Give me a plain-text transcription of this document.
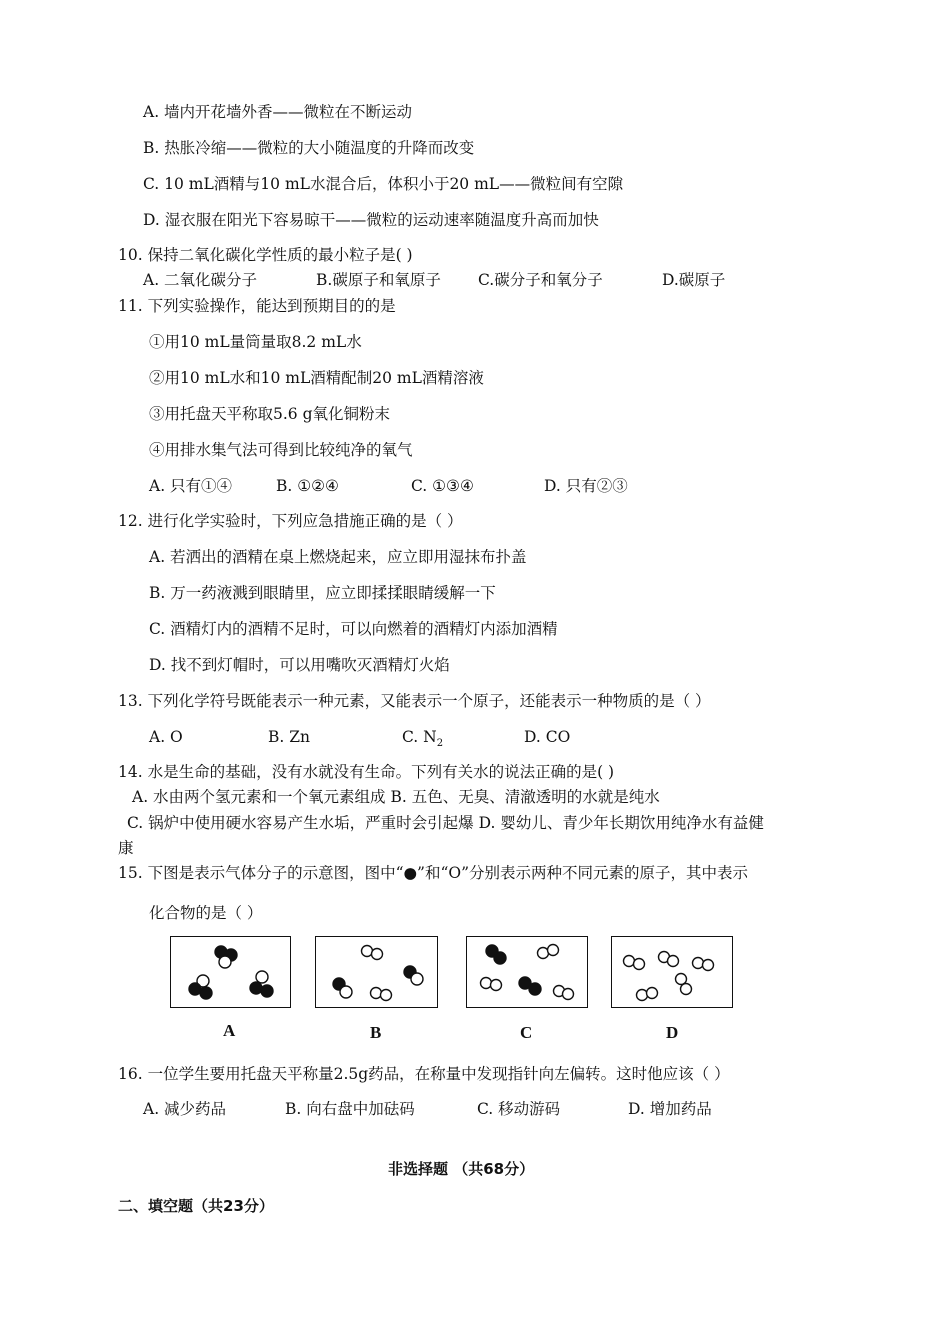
A. 墙内开花墙外香——微粒在不断运动
B. 热胀冷缩——微粒的大小随温度的升降而改变
C. 10 mL酒精与10 mL水混合后，体积小于20 mL——微粒间有空隙
D. 湿衣服在阳光下容易晾干——微粒的运动速率随温度升高而加快
10. 保持二氧化碳化学性质的最小粒子是( )
A. 二氧化碳分子	B.碳原子和氧原子 C.碳分子和氧分子	D.碳原子
11. 下列实验操作，能达到预期目的的是
①用10 mL量筒量取8.2 mL水
②用10 mL水和10 mL酒精配制20 mL酒精溶液
③用托盘天平称取5.6 g氧化铜粉末
④用排水集气法可得到比较纯净的氧气
A. 只有①④	B. ①②④	C. ①③④	D. 只有②③
12. 进行化学实验时，下列应急措施正确的是（ ）
A. 若洒出的酒精在桌上燃烧起来，应立即用湿抹布扑盖
B. 万一药液溅到眼睛里，应立即揉揉眼睛缓解一下
C. 酒精灯内的酒精不足时，可以向燃着的酒精灯内添加酒精
D. 找不到灯帽时，可以用嘴吹灭酒精灯火焰
13. 下列化学符号既能表示一种元素，又能表示一个原子，还能表示一种物质的是（ ）
A. O	B. Zn	C. $N_2$	D. CO
14. 水是生命的基础，没有水就没有生命。下列有关水的说法正确的是( )
A. 水由两个氢元素和一个氧元素组成 B. 五色、无臭、清澈透明的水就是纯水
C. 锅炉中使用硬水容易产生水垢，严重时会引起爆 D. 婴幼儿、青少年长期饮用纯净水有益健
康
15. 下图是表示气体分子的示意图，图中“●”和“O”分别表示两种不同元素的原子，其中表示
化合物的是（ ）
A	B	C	D
16. 一位学生要用托盘天平称量2.5g药品，在称量中发现指针向左偏转。这时他应该（ ）
A. 减少药品	B. 向右盘中加砝码	C. 移动游码	D. 增加药品
非选择题 （共68分）
二、填空题（共23分）
